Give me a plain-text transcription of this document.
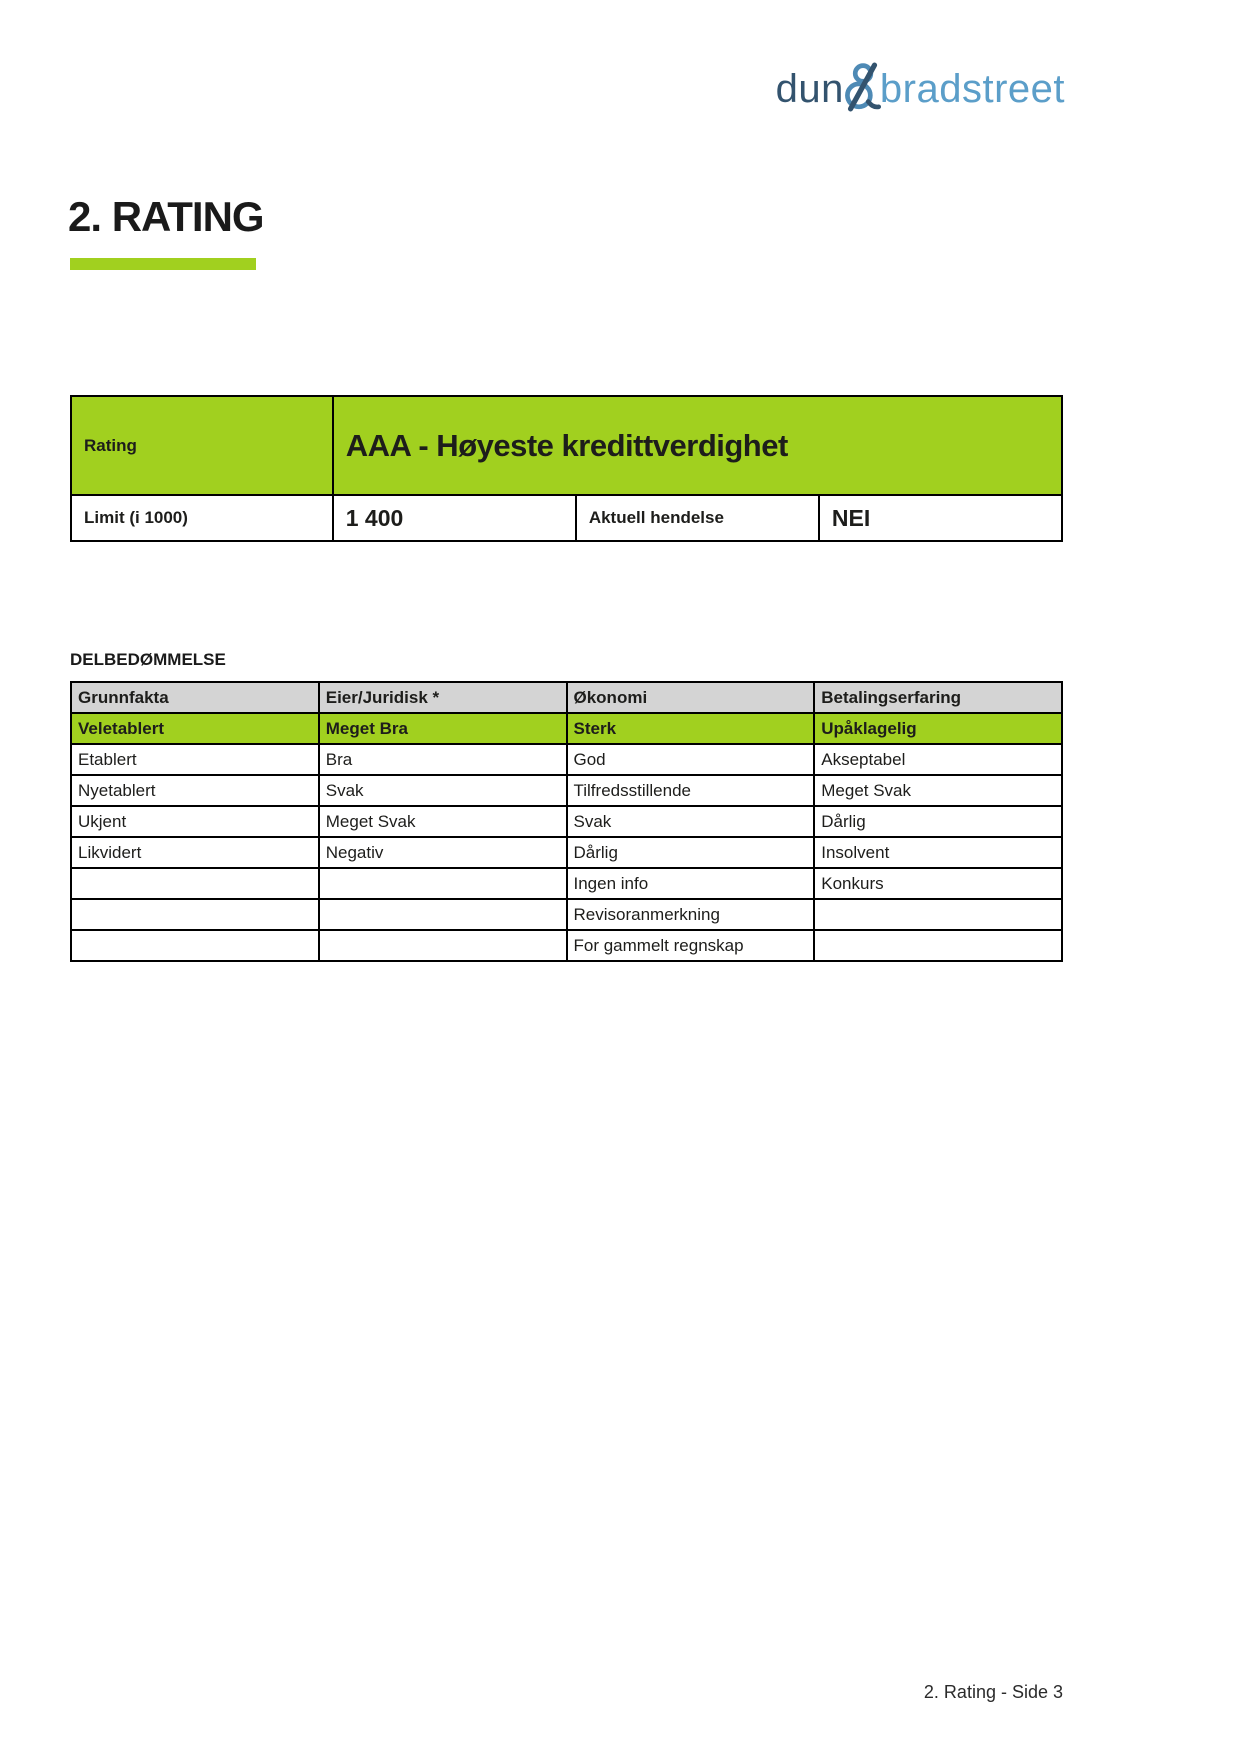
dun bradstreet
2. RATING
Rating	AAA - Høyeste kredittverdighet		
Limit (i 1000)	1 400	Aktuell hendelse	NEI
DELBEDØMMELSE
Grunnfakta	Eier/Juridisk *	Økonomi	Betalingserfaring
Veletablert	Meget Bra	Sterk	Upåklagelig
Etablert	Bra	God	Akseptabel
Nyetablert	Svak	Tilfredsstillende	Meget Svak
Ukjent	Meget Svak	Svak	Dårlig
Likvidert	Negativ	Dårlig	Insolvent
		Ingen info	Konkurs
		Revisoranmerkning	
		For gammelt regnskap	
2. Rating - Side 3
